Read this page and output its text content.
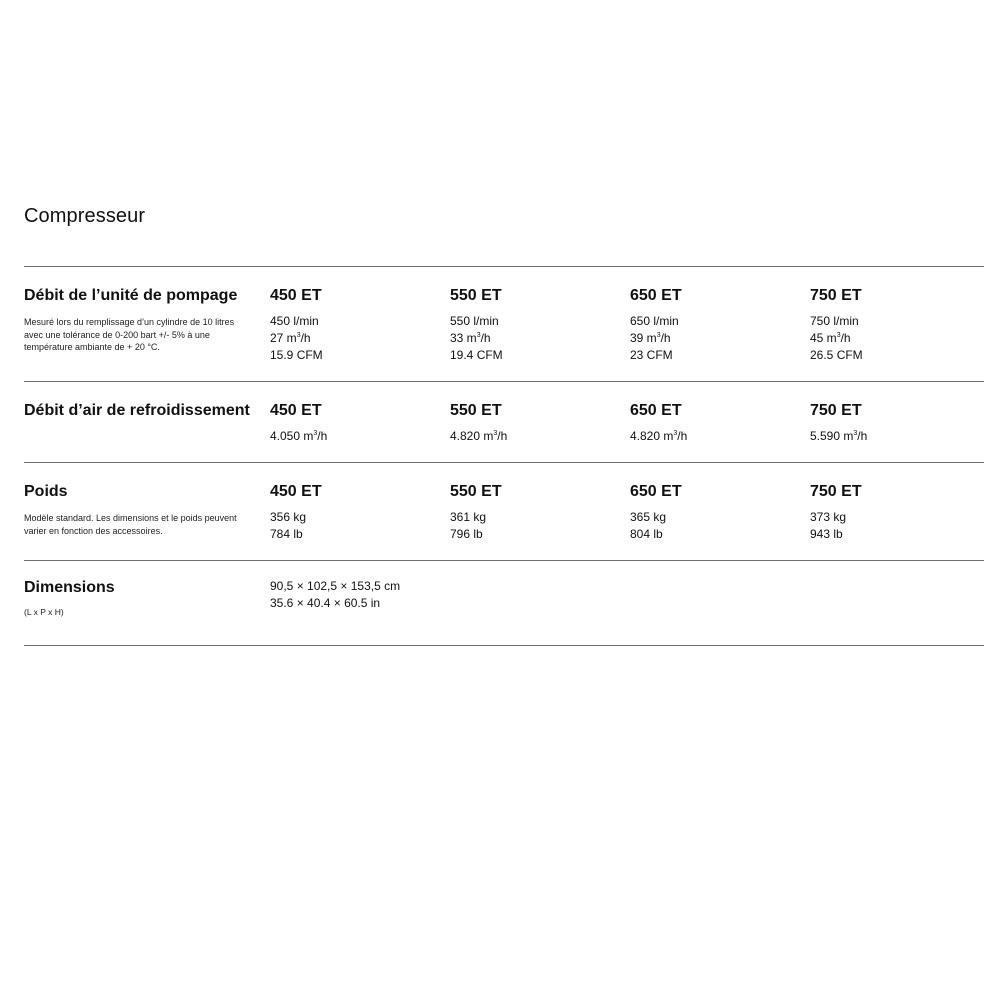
Compresseur
Débit de l’unité de pompage
Mesuré lors du remplissage d’un cylindre de 10 litres avec une tolérance de 0-200 bart +/- 5% à une température ambiante de + 20 °C.
450 ET
450 l/min
27 $m^3/h$
15.9 CFM
550 ET
550 l/min
33 $m^3/h$
19.4 CFM
650 ET
650 l/min
39 $m^3/h$
23 CFM
750 ET
750 l/min
45 $m^3/h$
26.5 CFM
Débit d’air de refroidissement	450 ET
4.050 $m^3/h$
550 ET
4.820 $m^3/h$
650 ET
4.820 $m^3/h$
750 ET
5.590 $m^3/h$
Poids
Modèle standard. Les dimensions et le poids peuvent varier en fonction des accessoires.
450 ET
356 kg
784 lb
550 ET
361 kg
796 lb
650 ET
365 kg
804 lb
750 ET
373 kg
943 lb
Dimensions
(L x P x H)
90,5 × 102,5 × 153,5 cm
35.6 × 40.4 × 60.5 in
